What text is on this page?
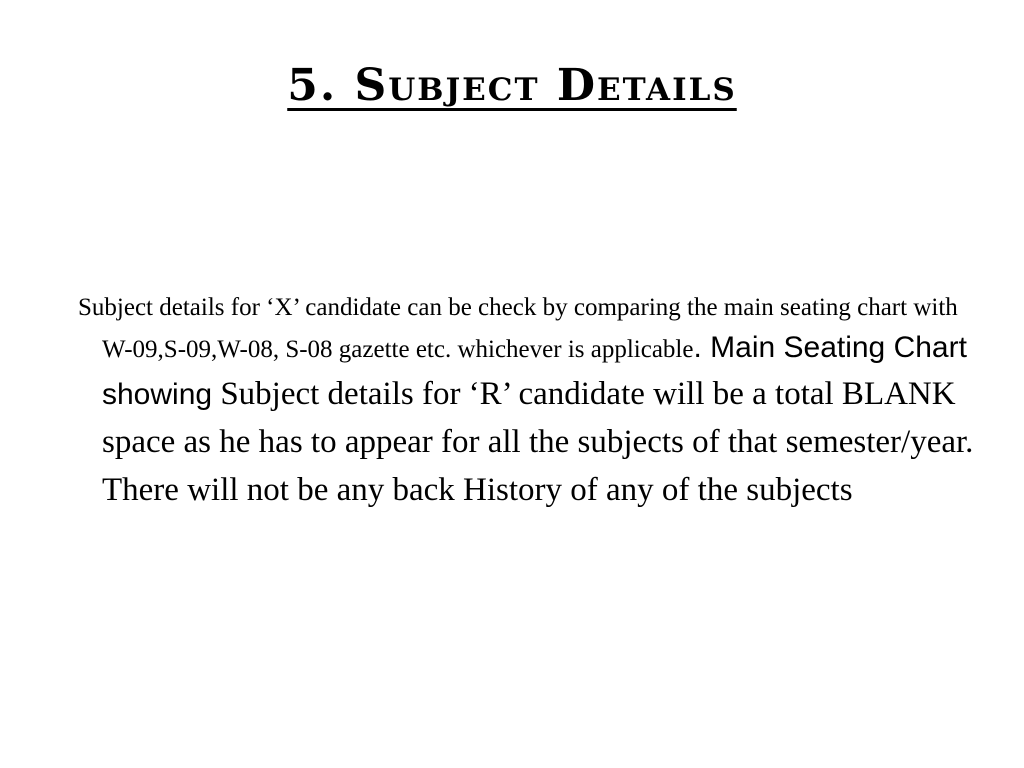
5. Subject Details

Subject details for ‘X’ candidate can be check by comparing the main seating chart with W-09,S-09,W-08, S-08 gazette etc. whichever is applicable. Main Seating Chart showing Subject details for ‘R’ candidate will be a total BLANK space as he has to appear for all the subjects of that semester/year. There will not be any back History of any of the subjects
